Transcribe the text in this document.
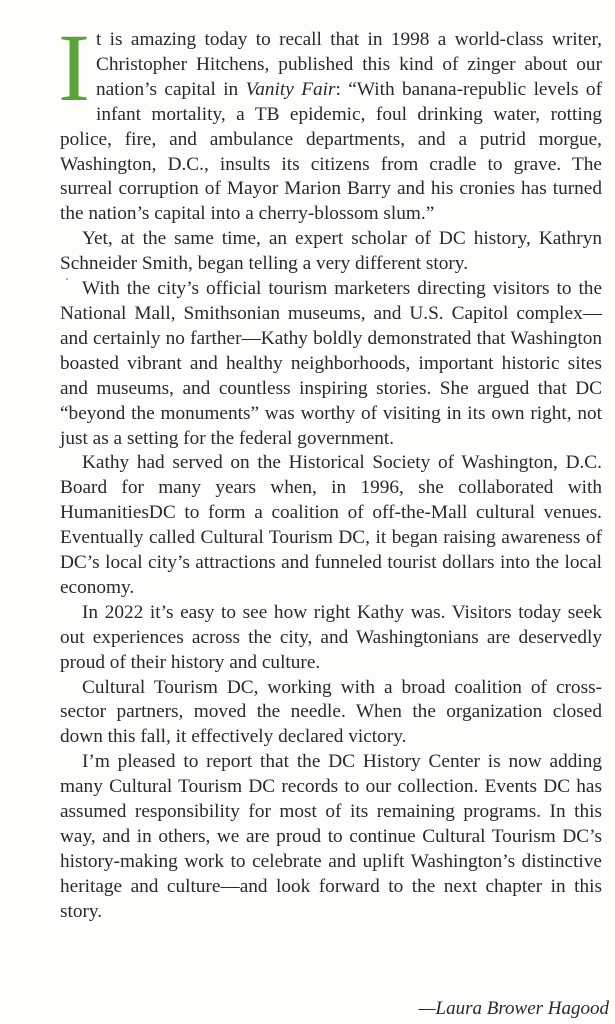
It is amazing today to recall that in 1998 a world-class writer, Christopher Hitchens, published this kind of zinger about our nation’s capital in Vanity Fair: “With banana-republic levels of infant mortality, a TB epidemic, foul drinking water, rotting police, fire, and ambulance departments, and a putrid morgue, Washington, D.C., insults its citizens from cradle to grave. The surreal corruption of Mayor Marion Barry and his cronies has turned the nation’s capital into a cherry-blossom slum.”

Yet, at the same time, an expert scholar of DC history, Kathryn Schneider Smith, began telling a very different story.

With the city’s official tourism marketers directing visitors to the National Mall, Smithsonian museums, and U.S. Capitol complex—and certainly no farther—Kathy boldly demonstrated that Washington boasted vibrant and healthy neighborhoods, important historic sites and museums, and countless inspiring stories. She argued that DC “beyond the monuments” was worthy of visiting in its own right, not just as a setting for the federal government.

Kathy had served on the Historical Society of Washington, D.C. Board for many years when, in 1996, she collaborated with HumanitiesDC to form a coalition of off-the-Mall cultural venues. Eventually called Cultural Tourism DC, it began raising awareness of DC’s local city’s attractions and funneled tourist dollars into the local economy.

In 2022 it’s easy to see how right Kathy was. Visitors today seek out experiences across the city, and Washingtonians are deservedly proud of their history and culture.

Cultural Tourism DC, working with a broad coalition of cross-sector partners, moved the needle. When the organization closed down this fall, it effectively declared victory.

I’m pleased to report that the DC History Center is now adding many Cultural Tourism DC records to our collection. Events DC has assumed responsibility for most of its remaining programs. In this way, and in others, we are proud to continue Cultural Tourism DC’s history-making work to celebrate and uplift Washington’s distinctive heritage and culture—and look forward to the next chapter in this story.

—Laura Brower Hagood
